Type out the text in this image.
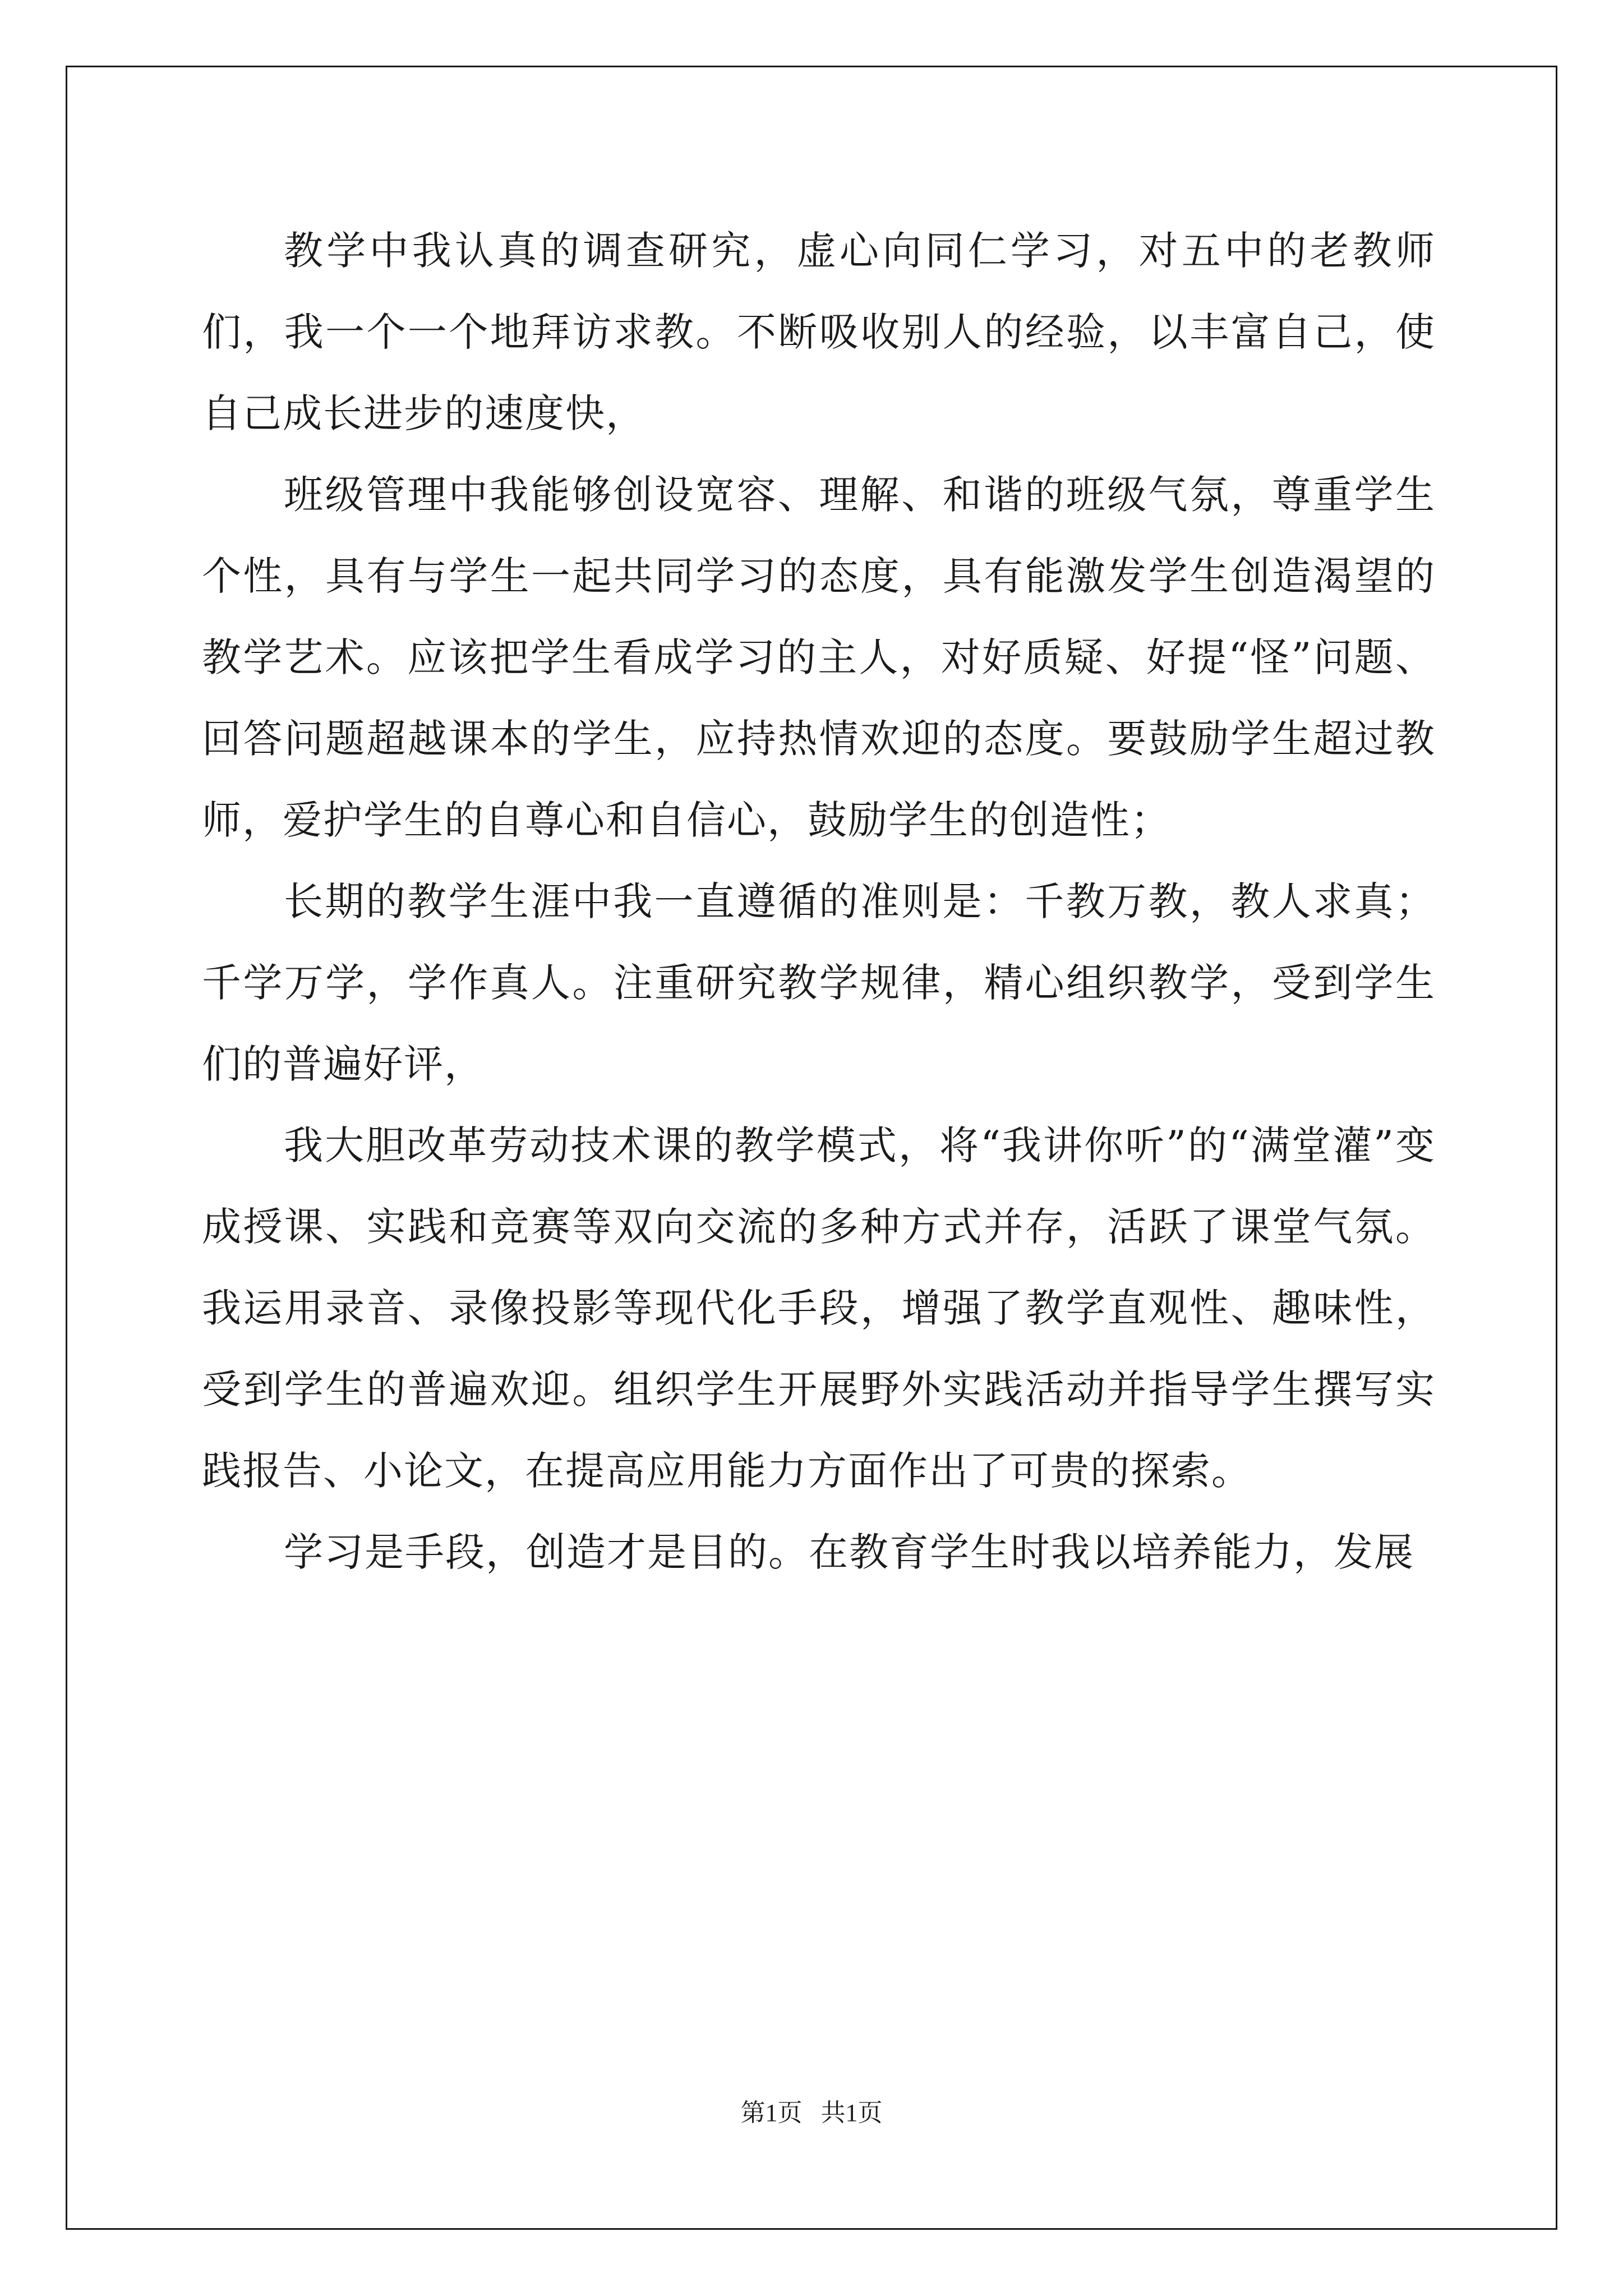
教学中我认真的调查研究，虚心向同仁学习，对五中的老教师们，我一个一个地拜访求教。不断吸收别人的经验，以丰富自己，使自己成长进步的速度快，

班级管理中我能够创设宽容、理解、和谐的班级气氛，尊重学生个性，具有与学生一起共同学习的态度，具有能激发学生创造渴望的教学艺术。应该把学生看成学习的主人，对好质疑、好提“怪”问题、回答问题超越课本的学生，应持热情欢迎的态度。要鼓励学生超过教师，爱护学生的自尊心和自信心，鼓励学生的创造性；

长期的教学生涯中我一直遵循的准则是：千教万教，教人求真；千学万学，学作真人。注重研究教学规律，精心组织教学，受到学生们的普遍好评，

我大胆改革劳动技术课的教学模式，将“我讲你听”的“满堂灌”变成授课、实践和竞赛等双向交流的多种方式并存，活跃了课堂气氛。我运用录音、录像投影等现代化手段，增强了教学直观性、趣味性，受到学生的普遍欢迎。组织学生开展野外实践活动并指导学生撰写实践报告、小论文，在提高应用能力方面作出了可贵的探索。

学习是手段，创造才是目的。在教育学生时我以培养能力，发展

第1页   共1页
